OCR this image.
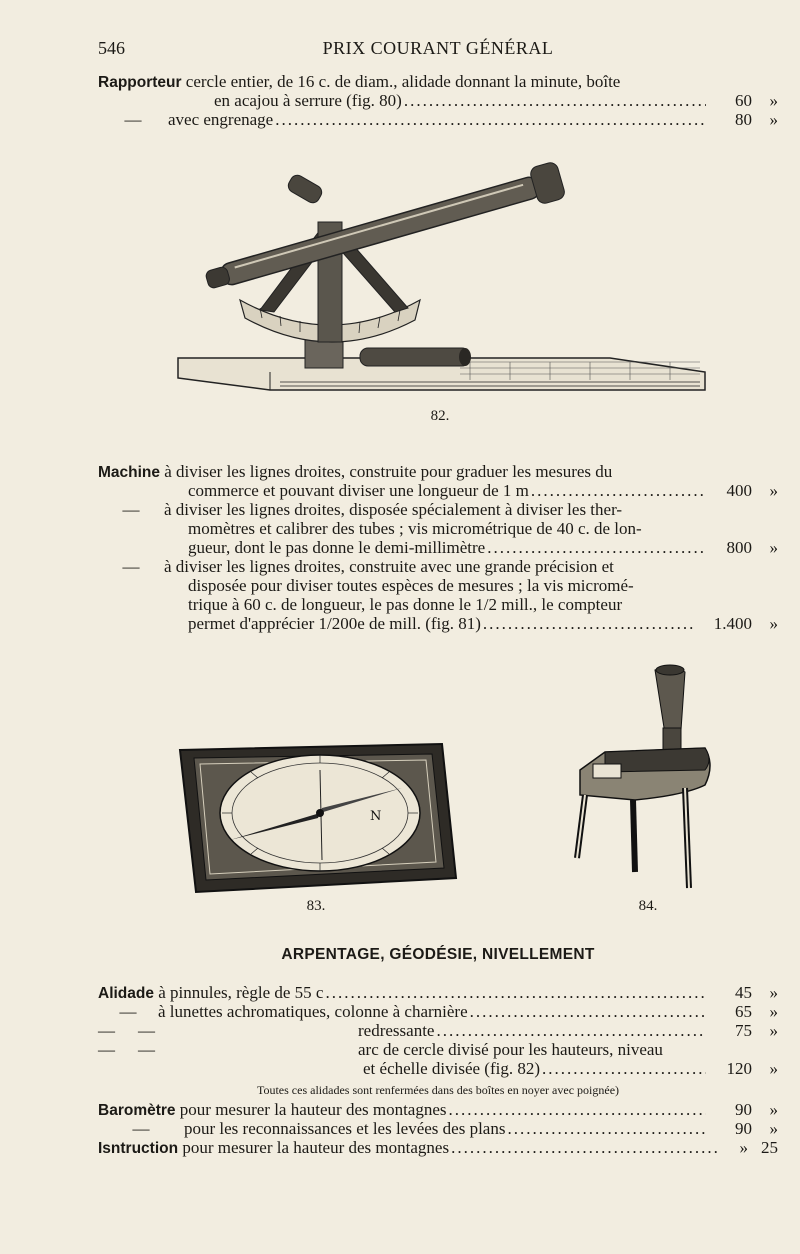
546	PRIX COURANT GÉNÉRAL
Rapporteur cercle entier, de 16 c. de diam., alidade donnant la minute, boîte
en acajou à serrure (fig. 80) .....	60	»
—	avec engrenage .....	80	»
82.
Machine à diviser les lignes droites, construite pour graduer les mesures du
commerce et pouvant diviser une longueur de 1 m .....	400	»
— à diviser les lignes droites, disposée spécialement à diviser les ther-
momètres et calibrer des tubes ; vis micrométrique de 40 c. de lon-
gueur, dont le pas donne le demi-millimètre .....	800	»
— à diviser les lignes droites, construite avec une grande précision et
disposée pour diviser toutes espèces de mesures ; la vis micromé-
trique à 60 c. de longueur, le pas donne le 1/2 mill., le compteur
permet d'apprécier 1/200e de mill. (fig. 81) .....	1.400	»
N
83.	84.
ARPENTAGE, GÉODÉSIE, NIVELLEMENT
Alidade à pinnules, règle de 55 c .....	45	»
—	à lunettes achromatiques, colonne à charnière .....	65	»
—	—	redressante .....	75	»
— —	arc de cercle divisé pour les hauteurs, niveau
et échelle divisée (fig. 82) .....	120	»
Toutes ces alidades sont renfermées dans des boîtes en noyer avec poignée)
Baromètre pour mesurer la hauteur des montagnes .....	90	»
—	pour les reconnaissances et les levées des plans .....	90	»
Isntruction pour mesurer la hauteur des montagnes .....	» 25
